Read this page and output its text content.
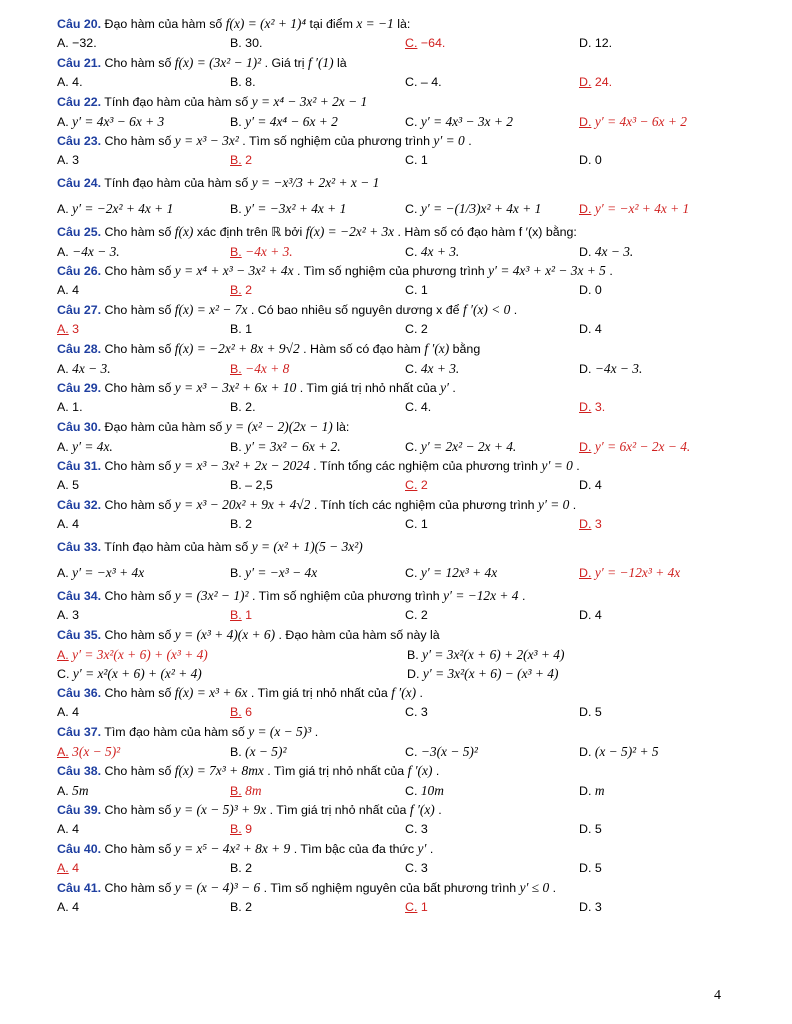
Câu 20. Đạo hàm của hàm số f(x) = (x² + 1)⁴ tại điểm x = −1 là:
A. −32.	B. 30.	C. −64.	D. 12.
Câu 21. Cho hàm số f(x) = (3x² − 1)² . Giá trị f ′(1) là
A. 4.	B. 8.	C. – 4.	D. 24.
Câu 22. Tính đạo hàm của hàm số y = x⁴ − 3x² + 2x − 1
A. y′ = 4x³ − 6x + 3	B. y′ = 4x⁴ − 6x + 2	C. y′ = 4x³ − 3x + 2	D. y′ = 4x³ − 6x + 2
Câu 23. Cho hàm số y = x³ − 3x² . Tìm số nghiệm của phương trình y′ = 0 .
A. 3	B. 2	C. 1	D. 0
Câu 24. Tính đạo hàm của hàm số y = −x³/3 + 2x² + x − 1
A. y′ = −2x² + 4x + 1	B. y′ = −3x² + 4x + 1	C. y′ = −(1/3)x² + 4x + 1	D. y′ = −x² + 4x + 1
Câu 25. Cho hàm số f(x) xác định trên ℝ bởi f(x) = −2x² + 3x . Hàm số có đạo hàm f ′(x) bằng:
A. −4x − 3.	B. −4x + 3.	C. 4x + 3.	D. 4x − 3.
Câu 26. Cho hàm số y = x⁴ + x³ − 3x² + 4x . Tìm số nghiệm của phương trình y′ = 4x³ + x² − 3x + 5 .
A. 4	B. 2	C. 1	D. 0
Câu 27. Cho hàm số f(x) = x² − 7x . Có bao nhiêu số nguyên dương x để f ′(x) < 0 .
A. 3	B. 1	C. 2	D. 4
Câu 28. Cho hàm số f(x) = −2x² + 8x + 9√2 . Hàm số có đạo hàm f ′(x) bằng
A. 4x − 3.	B. −4x + 8	C. 4x + 3.	D. −4x − 3.
Câu 29. Cho hàm số y = x³ − 3x² + 6x + 10 . Tìm giá trị nhỏ nhất của y′ .
A. 1.	B. 2.	C. 4.	D. 3.
Câu 30. Đạo hàm của hàm số y = (x² − 2)(2x − 1) là:
A. y′ = 4x.	B. y′ = 3x² − 6x + 2.	C. y′ = 2x² − 2x + 4.	D. y′ = 6x² − 2x − 4.
Câu 31. Cho hàm số y = x³ − 3x² + 2x − 2024 . Tính tổng các nghiệm của phương trình y′ = 0 .
A. 5	B. – 2,5	C. 2	D. 4
Câu 32. Cho hàm số y = x³ − 20x² + 9x + 4√2 . Tính tích các nghiệm của phương trình y′ = 0 .
A. 4	B. 2	C. 1	D. 3
Câu 33. Tính đạo hàm của hàm số y = (x² + 1)(5 − 3x²)
A. y′ = −x³ + 4x	B. y′ = −x³ − 4x	C. y′ = 12x³ + 4x	D. y′ = −12x³ + 4x
Câu 34. Cho hàm số y = (3x² − 1)² . Tìm số nghiệm của phương trình y′ = −12x + 4 .
A. 3	B. 1	C. 2	D. 4
Câu 35. Cho hàm số y = (x³ + 4)(x + 6) . Đạo hàm của hàm số này là
A. y′ = 3x²(x + 6) + (x³ + 4)	B. y′ = 3x²(x + 6) + 2(x³ + 4)
C. y′ = x²(x + 6) + (x² + 4)	D. y′ = 3x²(x + 6) − (x³ + 4)
Câu 36. Cho hàm số f(x) = x³ + 6x . Tìm giá trị nhỏ nhất của f ′(x) .
A. 4	B. 6	C. 3	D. 5
Câu 37. Tìm đạo hàm của hàm số y = (x − 5)³ .
A. 3(x − 5)²	B. (x − 5)²	C. −3(x − 5)²	D. (x − 5)² + 5
Câu 38. Cho hàm số f(x) = 7x³ + 8mx . Tìm giá trị nhỏ nhất của f ′(x) .
A. 5m	B. 8m	C. 10m	D. m
Câu 39. Cho hàm số y = (x − 5)³ + 9x . Tìm giá trị nhỏ nhất của f ′(x) .
A. 4	B. 9	C. 3	D. 5
Câu 40. Cho hàm số y = x⁵ − 4x² + 8x + 9 . Tìm bậc của đa thức y′ .
A. 4	B. 2	C. 3	D. 5
Câu 41. Cho hàm số y = (x − 4)³ − 6 . Tìm số nghiệm nguyên của bất phương trình y′ ≤ 0 .
A. 4	B. 2	C. 1	D. 3
4
